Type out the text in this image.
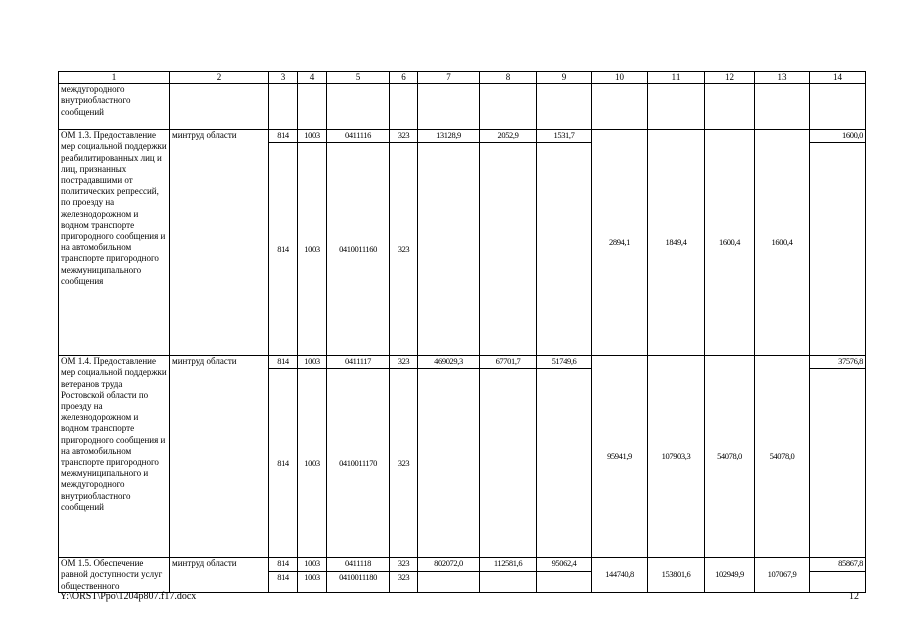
1	2	3	4	5	6	7	8	9	10	11	12	13	14
междугородного внутриобластного сообщений													
ОМ 1.3. Предоставление мер социальной поддержки реабилитированных лиц и лиц, признанных пострадавшими от политических репрессий, по проезду на железнодорожном и водном транспорте пригородного сообщения и на автомобильном транспорте пригородного межмуниципального сообщения	минтруд области	814	1003	0411116	323	13128,9	2052,9	1531,7	2894,1	1849,4	1600,4	1600,4	1600,0
		814	1003	0410011160	323								
ОМ 1.4. Предоставление мер социальной поддержки ветеранов труда Ростовской области по проезду на железнодорожном и водном транспорте пригородного сообщения и на автомобильном транспорте пригородного межмуниципального и междугородного внутриобластного сообщений	минтруд области	814	1003	0411117	323	469029,3	67701,7	51749,6	95941,9	107903,3	54078,0	54078,0	37576,8
		814	1003	0410011170	323								
ОМ 1.5. Обеспечение равной доступности услуг общественного	минтруд области	814	1003	0411118	323	802072,0	112581,6	95062,4	144740,8	153801,6	102949,9	107067,9	85867,8
		814	1003	0410011180	323								
Y:\ORST\Ppo\1204p807.f17.docx	12
